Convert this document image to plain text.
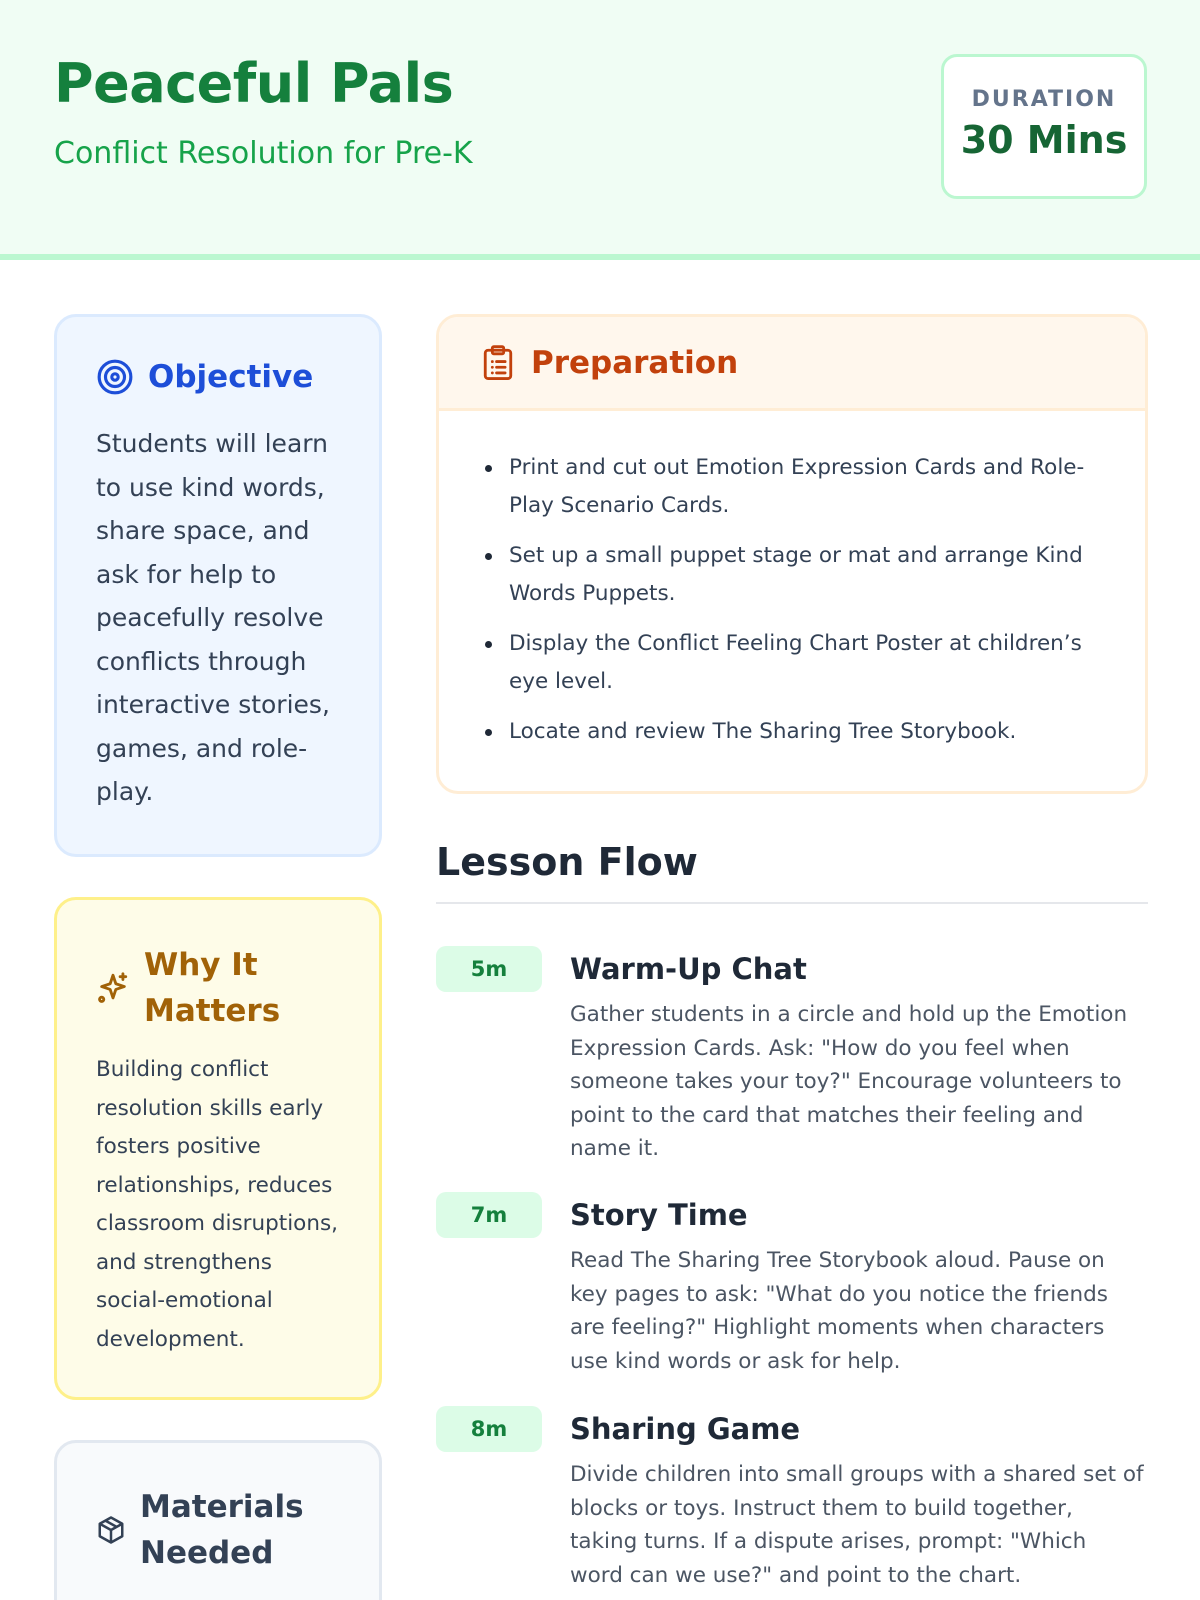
Peaceful Pals
Conflict Resolution for Pre-K
DURATION
30 Mins
Objective
Students will learn to use kind words, share space, and ask for help to peacefully resolve conflicts through interactive stories, games, and role-play.
Why It Matters
Building conflict resolution skills early fosters positive relationships, reduces classroom disruptions, and strengthens social-emotional development.
Materials Needed
Preparation
Print and cut out Emotion Expression Cards and Role-Play Scenario Cards.
Set up a small puppet stage or mat and arrange Kind Words Puppets.
Display the Conflict Feeling Chart Poster at children’s eye level.
Locate and review The Sharing Tree Storybook.
Lesson Flow
5m	Warm-Up Chat
Gather students in a circle and hold up the Emotion Expression Cards. Ask: "How do you feel when someone takes your toy?" Encourage volunteers to point to the card that matches their feeling and name it.
7m	Story Time
Read The Sharing Tree Storybook aloud. Pause on key pages to ask: "What do you notice the friends are feeling?" Highlight moments when characters use kind words or ask for help.
8m	Sharing Game
Divide children into small groups with a shared set of blocks or toys. Instruct them to build together, taking turns. If a dispute arises, prompt: "Which word can we use?" and point to the chart.
